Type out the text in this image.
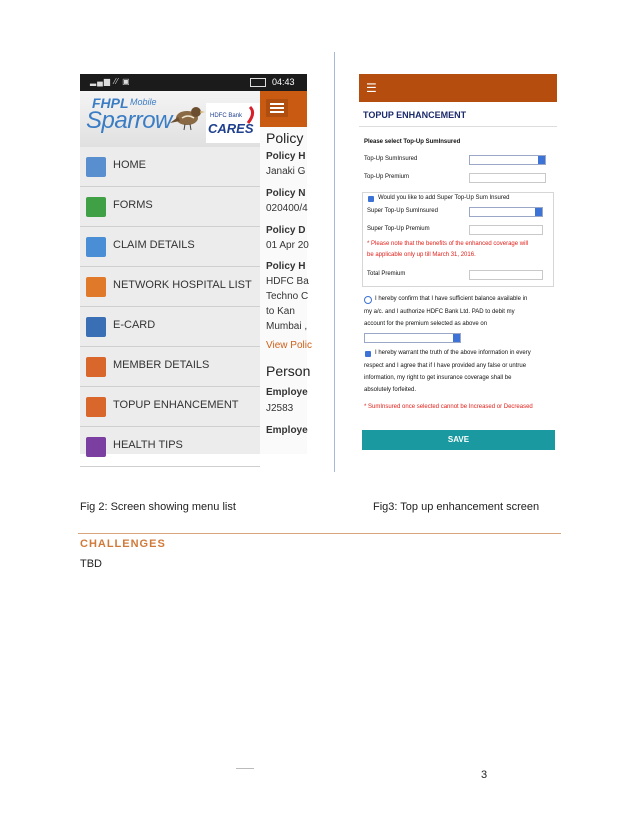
▂▄▆ ⁄⁄ ▣	04:43
FHPL Mobile
Sparrow	HDFC Bank
CARES
HOME
FORMS
CLAIM DETAILS
NETWORK HOSPITAL LIST
E-CARD
MEMBER DETAILS
TOPUP ENHANCEMENT
HEALTH TIPS
Policy
Policy H
Janaki G
Policy N
020400/4
Policy D
01 Apr 20
Policy H
HDFC Ba
Techno C
to Kan
Mumbai ,
View Polic
Person
Employe
J2583
Employe
☰
TOPUP ENHANCEMENT
Please select Top-Up SumInsured
Top-Up SumInsured
Top-Up Premium
Would you like to add Super Top-Up Sum Insured
Super Top-Up SumInsured
Super Top-Up Premium
* Please note that the benefits of the enhanced coverage will
be applicable only up till March 31, 2016.
Total Premium
I hereby confirm that I have sufficient balance available in
my a/c. and I authorize HDFC Bank Ltd. PAD to debit my
account for the premium selected as above on
I hereby warrant the truth of the above information in every
respect and I agree that if I have provided any false or untrue
information, my right to get insurance coverage shall be
absolutely forfeited.
* SumInsured once selected cannot be Increased or Decreased
SAVE
Fig 2: Screen showing menu list	Fig3: Top up enhancement screen
CHALLENGES
TBD
3
